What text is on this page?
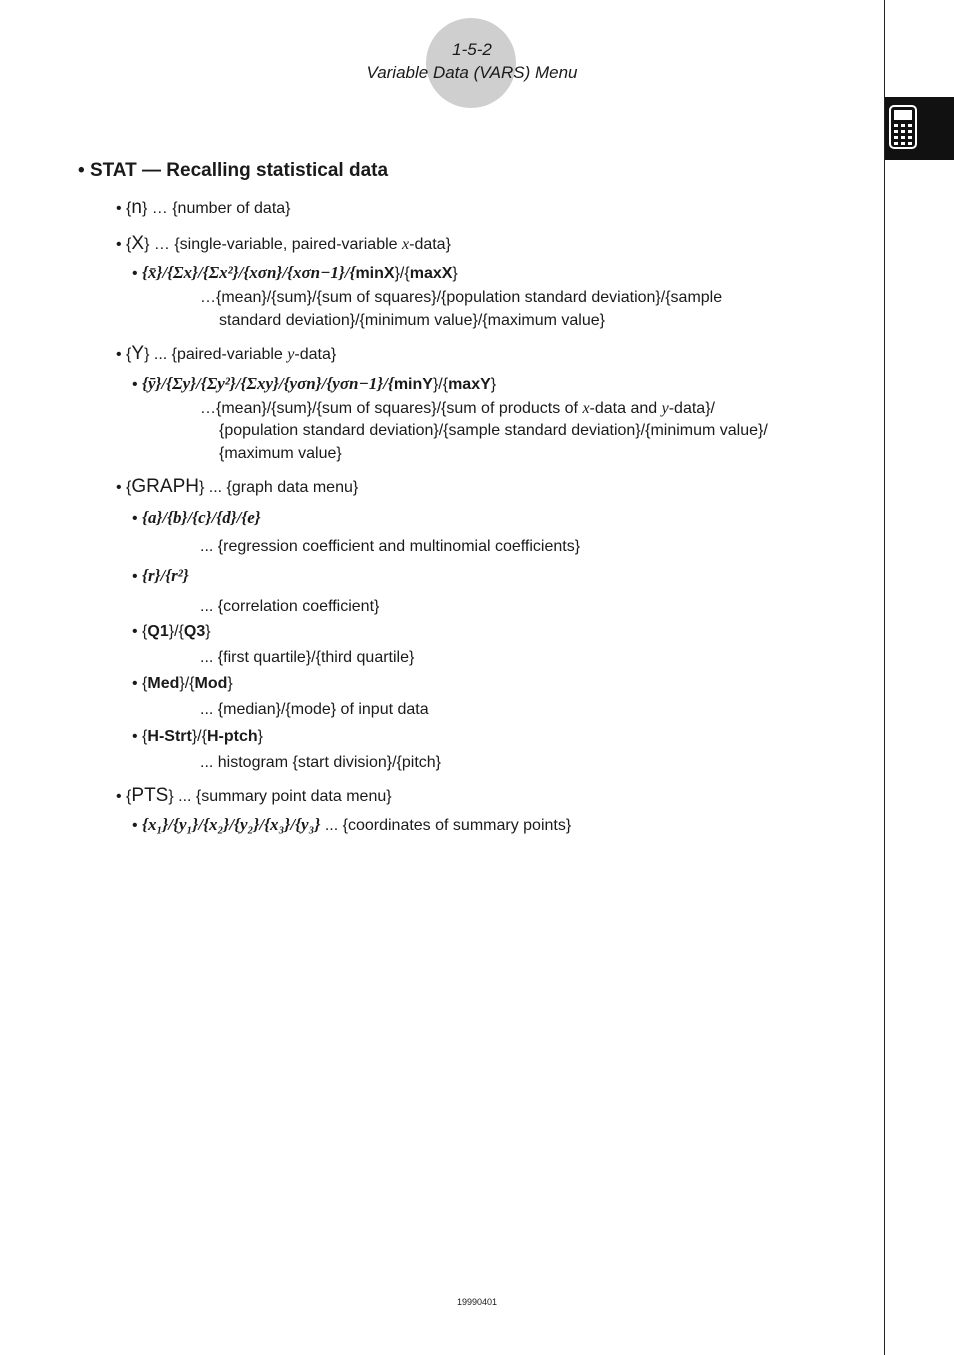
1-5-2
Variable Data (VARS) Menu
• STAT — Recalling statistical data
• {n} … {number of data}
• {X} … {single-variable, paired-variable x-data}
• {x̄}/{Σx}/{Σx²}/{xσn}/{xσn−1}/{minX}/{maxX}
…{mean}/{sum}/{sum of squares}/{population standard deviation}/{sample
standard deviation}/{minimum value}/{maximum value}
• {Y} ... {paired-variable y-data}
• {ȳ}/{Σy}/{Σy²}/{Σxy}/{yσn}/{yσn−1}/{minY}/{maxY}
…{mean}/{sum}/{sum of squares}/{sum of products of x-data and y-data}/
{population standard deviation}/{sample standard deviation}/{minimum value}/
{maximum value}
• {GRAPH} ... {graph data menu}
• {a}/{b}/{c}/{d}/{e}
... {regression coefficient and multinomial coefficients}
• {r}/{r²}
... {correlation coefficient}
• {Q1}/{Q3}
... {first quartile}/{third quartile}
• {Med}/{Mod}
... {median}/{mode} of input data
• {H-Strt}/{H-ptch}
... histogram {start division}/{pitch}
• {PTS} ... {summary point data menu}
• {x₁}/{y₁}/{x₂}/{y₂}/{x₃}/{y₃} ... {coordinates of summary points}
19990401
